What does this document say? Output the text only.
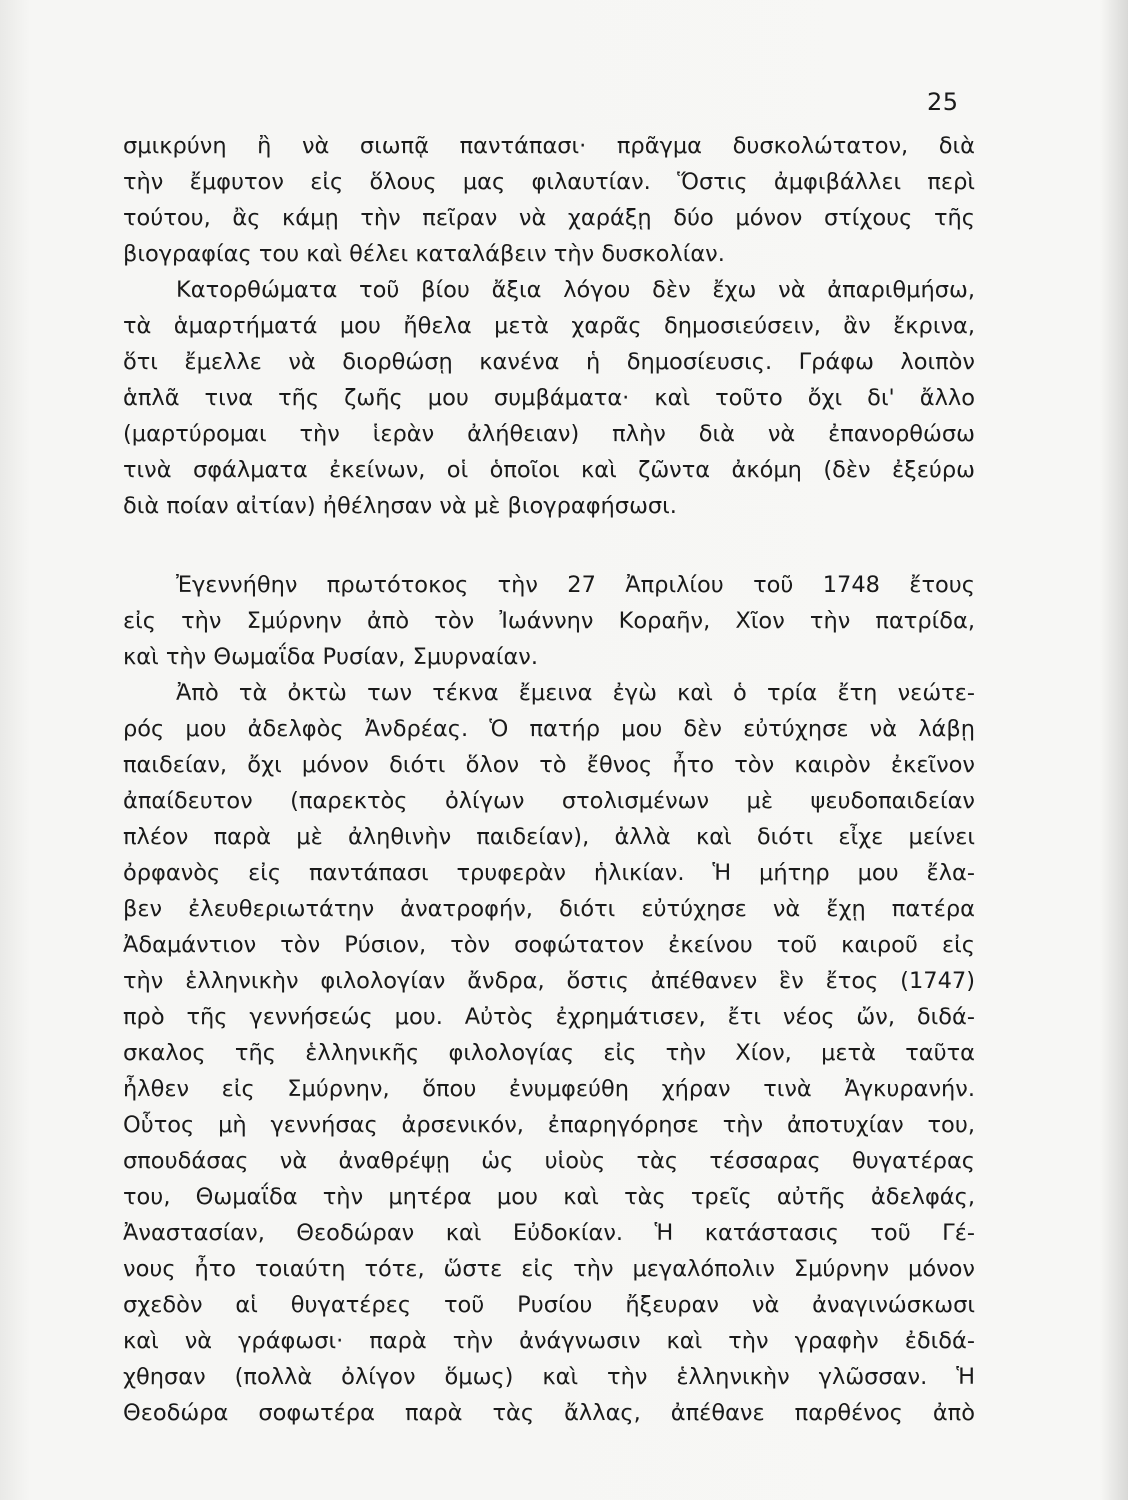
25
σμικρύνη ἢ νὰ σιωπᾷ παντάπασι· πρᾶγμα δυσκολώτατον, διὰ
τὴν ἔμφυτον εἰς ὅλους μας φιλαυτίαν. Ὅστις ἀμφιβάλλει περὶ
τούτου, ἂς κάμῃ τὴν πεῖραν νὰ χαράξῃ δύο μόνον στίχους τῆς
βιογραφίας του καὶ θέλει καταλάβειν τὴν δυσκολίαν.
Κατορθώματα τοῦ βίου ἄξια λόγου δὲν ἔχω νὰ ἀπαριθμήσω,
τὰ ἁμαρτήματά μου ἤθελα μετὰ χαρᾶς δημοσιεύσειν, ἂν ἔκρινα,
ὅτι ἔμελλε νὰ διορθώσῃ κανένα ἡ δημοσίευσις. Γράφω λοιπὸν
ἁπλᾶ τινα τῆς ζωῆς μου συμβάματα· καὶ τοῦτο ὄχι δι' ἄλλο
(μαρτύρομαι τὴν ἱερὰν ἀλήθειαν) πλὴν διὰ νὰ ἐπανορθώσω
τινὰ σφάλματα ἐκείνων, οἱ ὁποῖοι καὶ ζῶντα ἀκόμη (δὲν ἐξεύρω
διὰ ποίαν αἰτίαν) ἠθέλησαν νὰ μὲ βιογραφήσωσι.
Ἐγεννήθην πρωτότοκος τὴν 27 Ἀπριλίου τοῦ 1748 ἔτους
εἰς τὴν Σμύρνην ἀπὸ τὸν Ἰωάννην Κοραῆν, Χῖον τὴν πατρίδα,
καὶ τὴν Θωμαΐδα Ρυσίαν, Σμυρναίαν.
Ἀπὸ τὰ ὀκτὼ των τέκνα ἔμεινα ἐγὼ καὶ ὁ τρία ἔτη νεώτε-
ρός μου ἀδελφὸς Ἀνδρέας. Ὁ πατήρ μου δὲν εὐτύχησε νὰ λάβῃ
παιδείαν, ὄχι μόνον διότι ὅλον τὸ ἔθνος ἦτο τὸν καιρὸν ἐκεῖνον
ἀπαίδευτον (παρεκτὸς ὀλίγων στολισμένων μὲ ψευδοπαιδείαν
πλέον παρὰ μὲ ἀληθινὴν παιδείαν), ἀλλὰ καὶ διότι εἶχε μείνει
ὀρφανὸς εἰς παντάπασι τρυφερὰν ἡλικίαν. Ἡ μήτηρ μου ἔλα-
βεν ἐλευθεριωτάτην ἀνατροφήν, διότι εὐτύχησε νὰ ἔχῃ πατέρα
Ἀδαμάντιον τὸν Ρύσιον, τὸν σοφώτατον ἐκείνου τοῦ καιροῦ εἰς
τὴν ἑλληνικὴν φιλολογίαν ἄνδρα, ὅστις ἀπέθανεν ἓν ἔτος (1747)
πρὸ τῆς γεννήσεώς μου. Αὐτὸς ἐχρημάτισεν, ἔτι νέος ὤν, διδά-
σκαλος τῆς ἑλληνικῆς φιλολογίας εἰς τὴν Χίον, μετὰ ταῦτα
ἦλθεν εἰς Σμύρνην, ὅπου ἐνυμφεύθη χήραν τινὰ Ἀγκυρανήν.
Οὗτος μὴ γεννήσας ἀρσενικόν, ἐπαρηγόρησε τὴν ἀποτυχίαν του,
σπουδάσας νὰ ἀναθρέψῃ ὡς υἱοὺς τὰς τέσσαρας θυγατέρας
του, Θωμαΐδα τὴν μητέρα μου καὶ τὰς τρεῖς αὐτῆς ἀδελφάς,
Ἀναστασίαν, Θεοδώραν καὶ Εὐδοκίαν. Ἡ κατάστασις τοῦ Γέ-
νους ἦτο τοιαύτη τότε, ὥστε εἰς τὴν μεγαλόπολιν Σμύρνην μόνον
σχεδὸν αἱ θυγατέρες τοῦ Ρυσίου ἤξευραν νὰ ἀναγινώσκωσι
καὶ νὰ γράφωσι· παρὰ τὴν ἀνάγνωσιν καὶ τὴν γραφὴν ἐδιδά-
χθησαν (πολλὰ ὀλίγον ὅμως) καὶ τὴν ἑλληνικὴν γλῶσσαν. Ἡ
Θεοδώρα σοφωτέρα παρὰ τὰς ἄλλας, ἀπέθανε παρθένος ἀπὸ
